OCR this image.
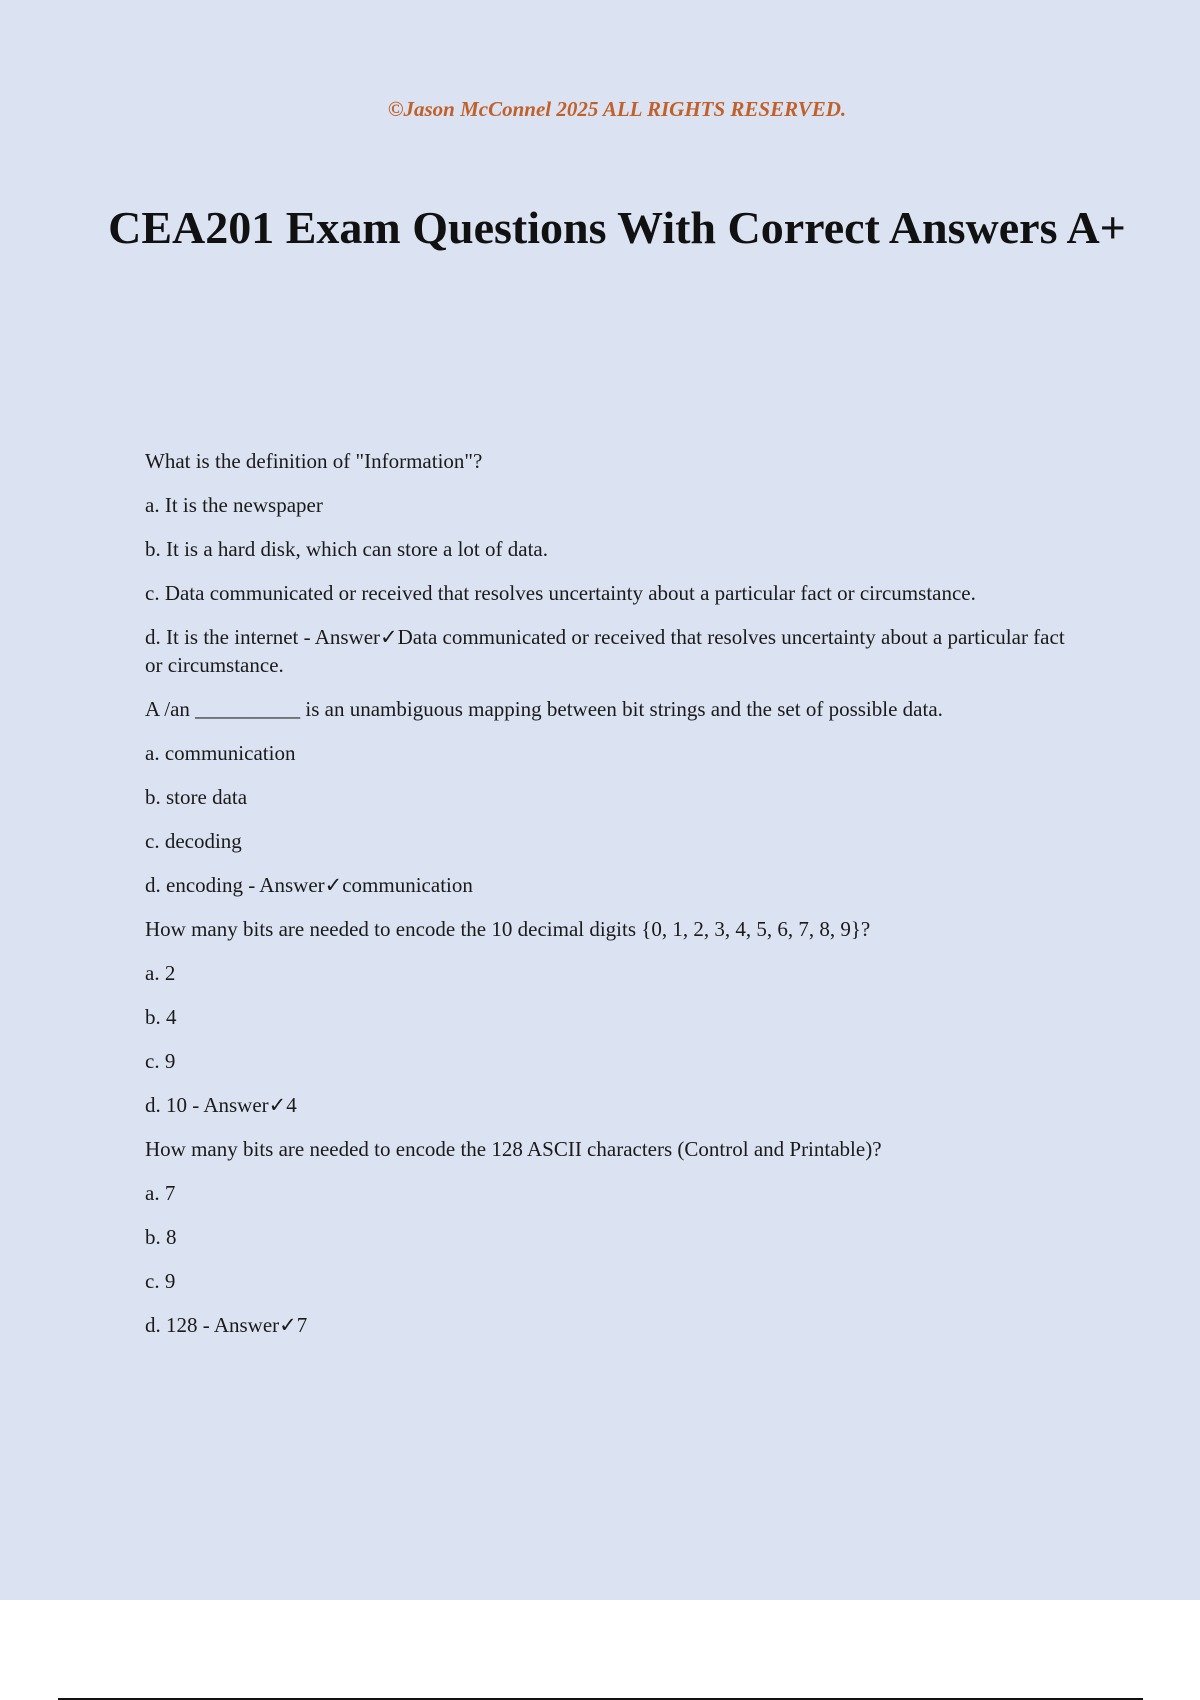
©Jason McConnel 2025 ALL RIGHTS RESERVED.

CEA201 Exam Questions With Correct Answers A+

What is the definition of "Information"?

a. It is the newspaper

b. It is a hard disk, which can store a lot of data.

c. Data communicated or received that resolves uncertainty about a particular fact or circumstance.

d. It is the internet - Answer✓Data communicated or received that resolves uncertainty about a particular fact or circumstance.

A /an __________ is an unambiguous mapping between bit strings and the set of possible data.

a. communication

b. store data

c. decoding

d. encoding - Answer✓communication

How many bits are needed to encode the 10 decimal digits {0, 1, 2, 3, 4, 5, 6, 7, 8, 9}?

a. 2

b. 4

c. 9

d. 10 - Answer✓4

How many bits are needed to encode the 128 ASCII characters (Control and Printable)?

a. 7

b. 8

c. 9

d. 128 - Answer✓7
